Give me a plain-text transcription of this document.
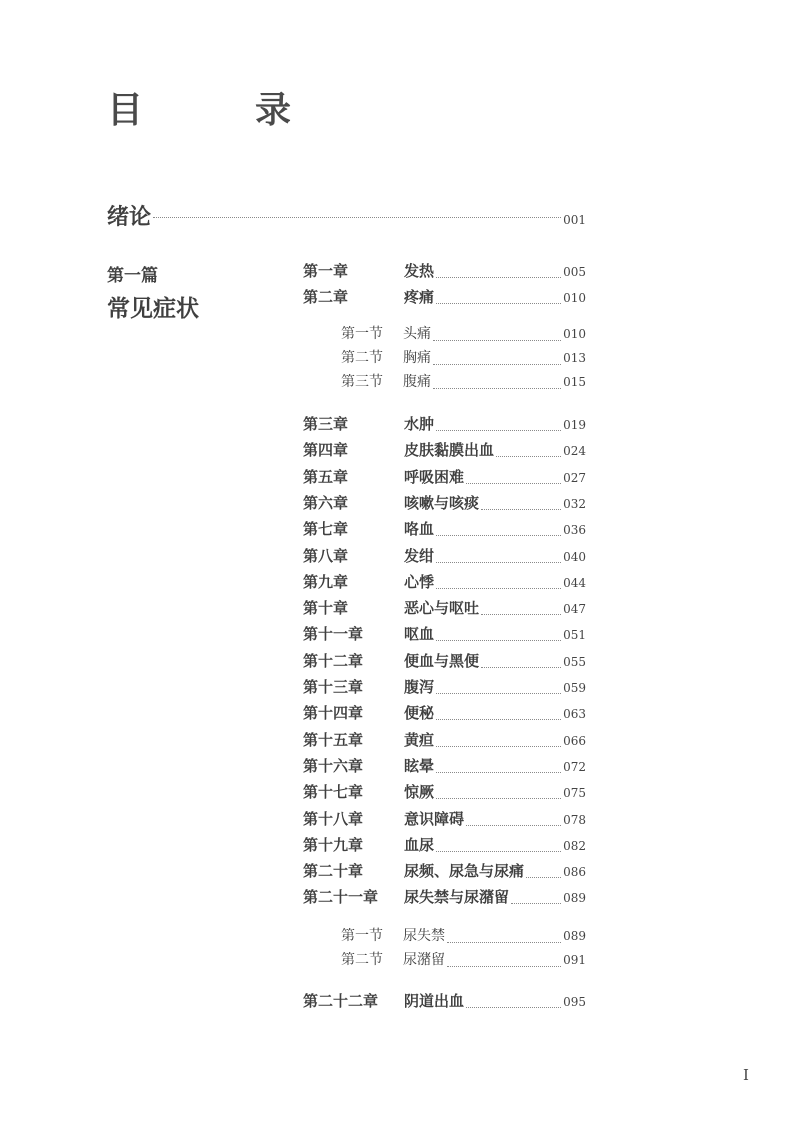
目　录
绪论	001
第一篇
常见症状
I
第一章	发热	005
第二章	疼痛	010
第一节	头痛	010
第二节	胸痛	013
第三节	腹痛	015
第三章	水肿	019
第四章	皮肤黏膜出血	024
第五章	呼吸困难	027
第六章	咳嗽与咳痰	032
第七章	咯血	036
第八章	发绀	040
第九章	心悸	044
第十章	恶心与呕吐	047
第十一章	呕血	051
第十二章	便血与黑便	055
第十三章	腹泻	059
第十四章	便秘	063
第十五章	黄疸	066
第十六章	眩晕	072
第十七章	惊厥	075
第十八章	意识障碍	078
第十九章	血尿	082
第二十章	尿频、尿急与尿痛	086
第二十一章	尿失禁与尿潴留	089
第一节	尿失禁	089
第二节	尿潴留	091
第二十二章	阴道出血	095
